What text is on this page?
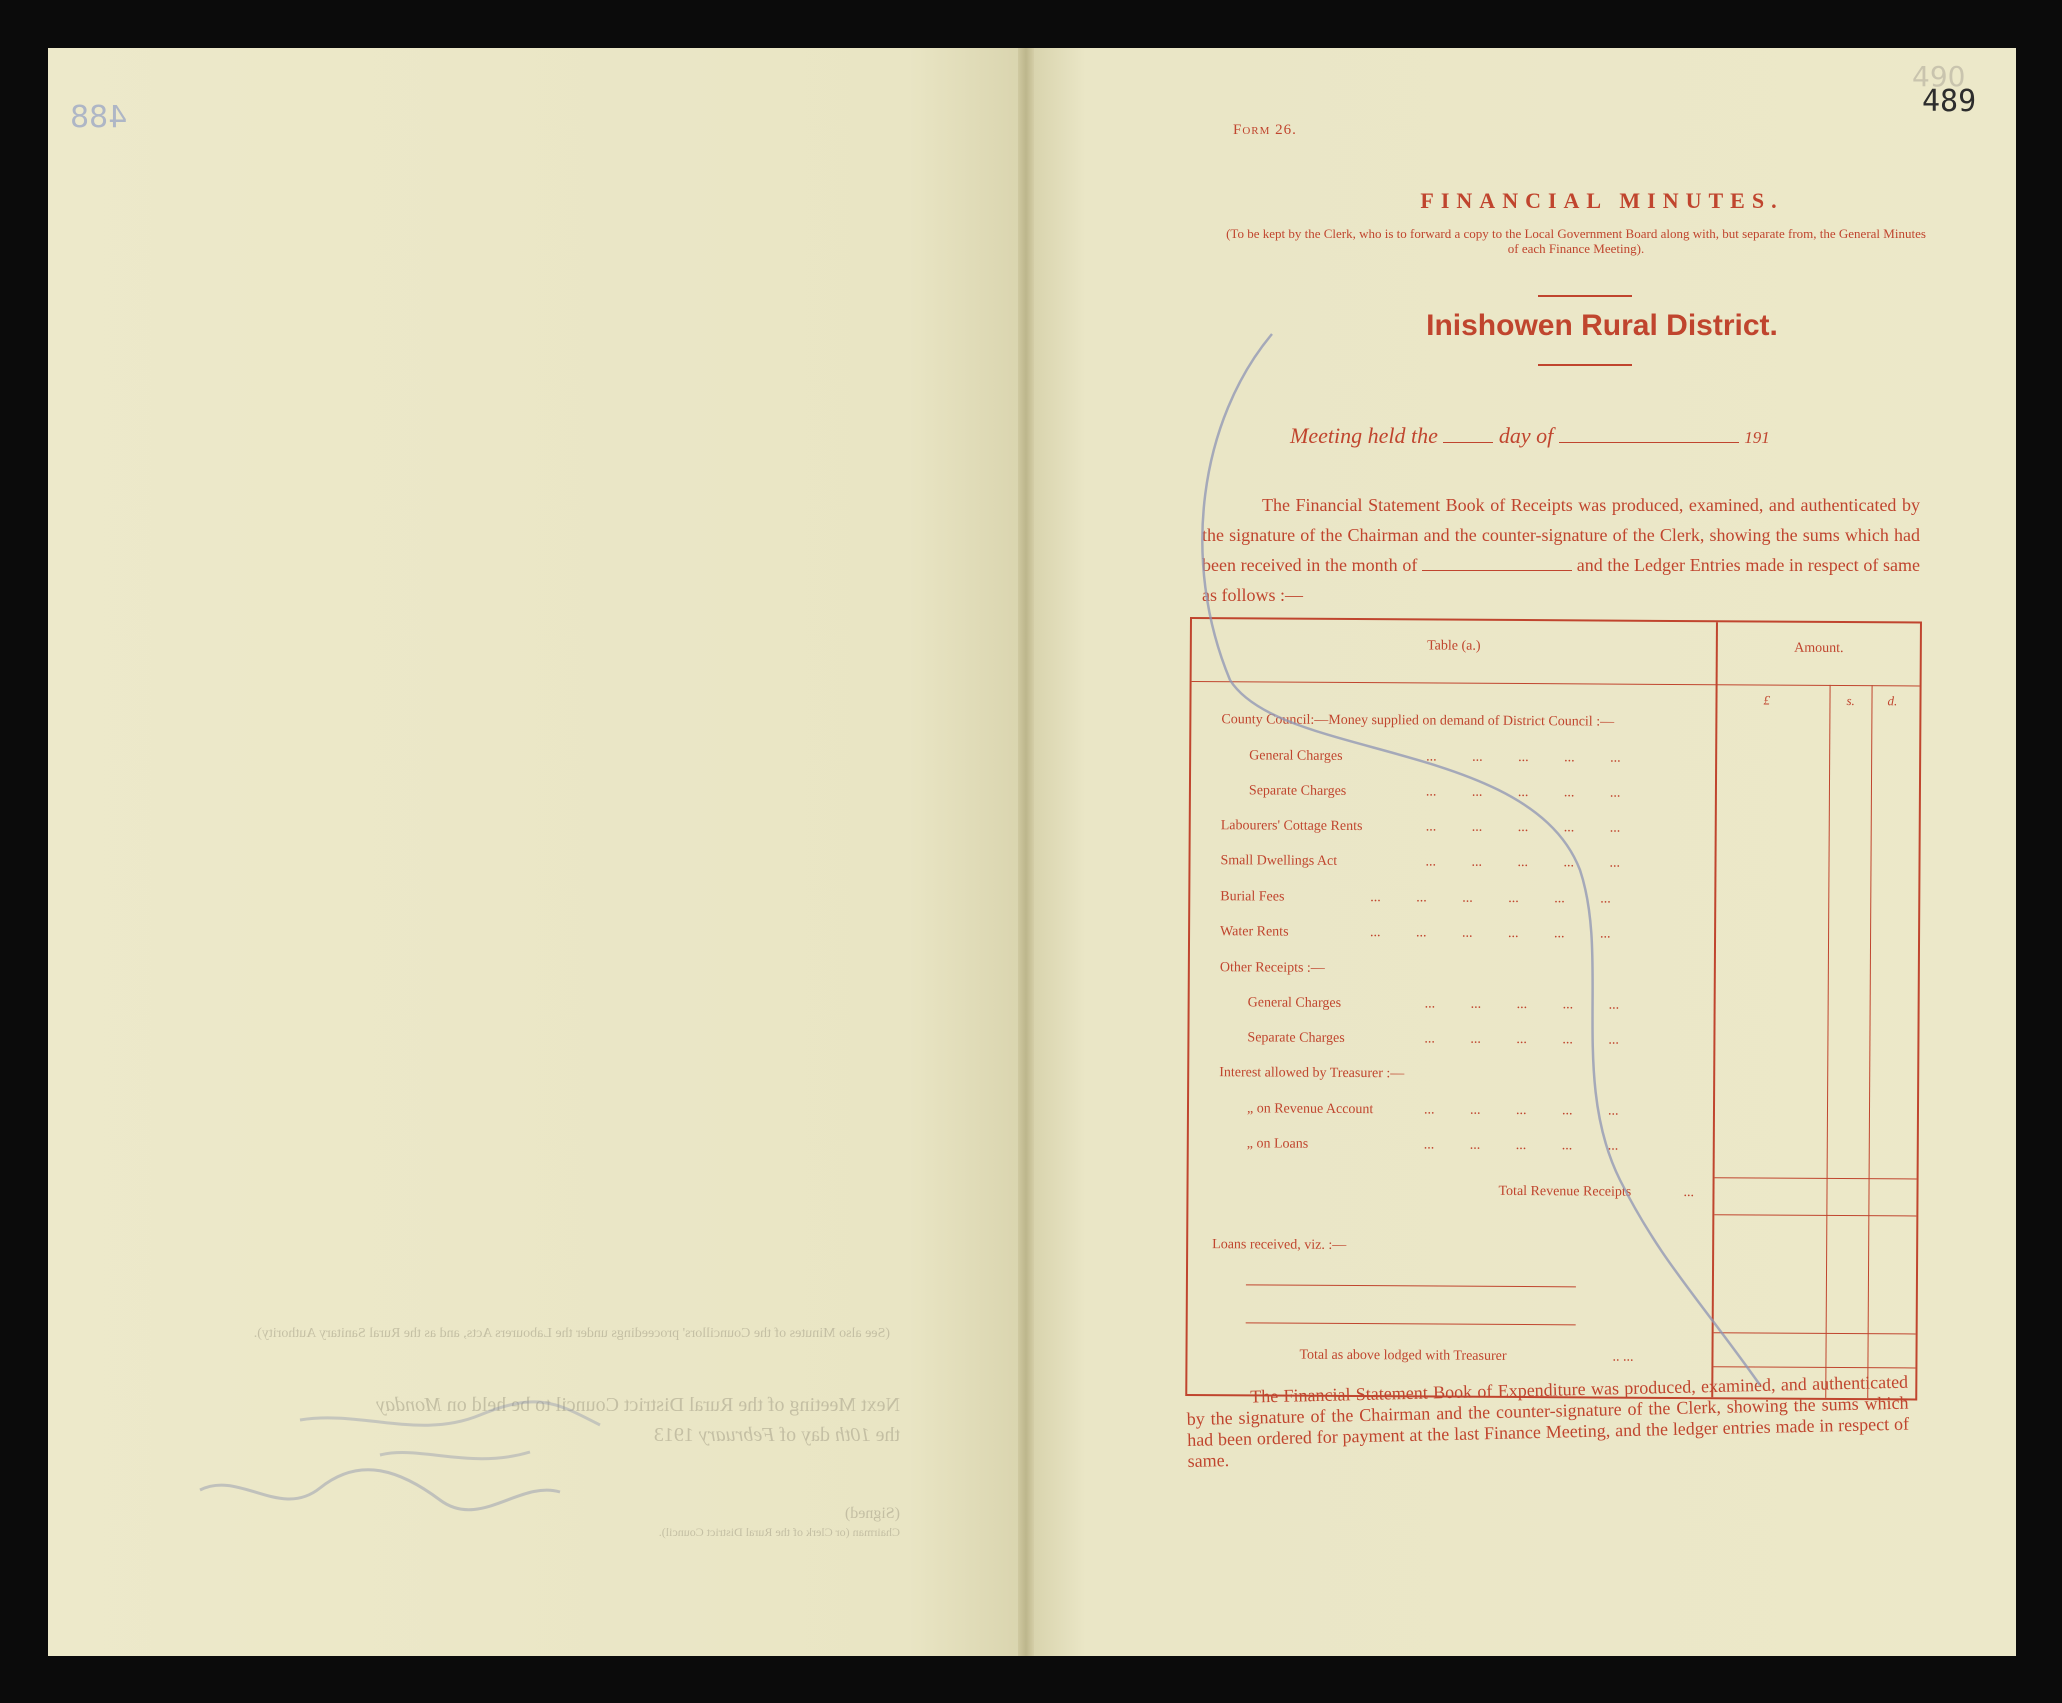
488
(See also Minutes of the Councillors' proceedings under the Labourers Acts, and as the Rural Sanitary Authority).
Next Meeting of the Rural District Council to be held on Monday
the 10th day of February 1913
(Signed)
Chairman (or Clerk of the Rural District Council).
490
489
Form 26.
FINANCIAL MINUTES.
(To be kept by the Clerk, who is to forward a copy to the Local Government Board along with, but separate from, the General Minutes of each Finance Meeting).
Inishowen Rural District.
Meeting held the	day of	191
The Financial Statement Book of Receipts was produced, examined, and authenticated by the signature of the Chairman and the counter-signature of the Clerk, showing the sums which had been received in the month of	and the Ledger Entries made in respect of same as follows :—
Table (a.)	Amount.
£	s.	d.
County Council:—Money supplied on demand of District Council :—
General Charges	... ... ... ... ...
Separate Charges	... ... ... ... ...
Labourers' Cottage Rents	... ... ... ... ...
Small Dwellings Act	... ... ... ... ...
Burial Fees	... ... ... ... ... ...
Water Rents	... ... ... ... ... ...
Other Receipts :—
General Charges	... ... ... ... ...
Separate Charges	... ... ... ... ...
Interest allowed by Treasurer :—
„ on Revenue Account	... ... ... ... ...
„ on Loans	... ... ... ... ...
Total Revenue Receipts	...
Loans received, viz. :—
Total as above lodged with Treasurer	.. ...
The Financial Statement Book of Expenditure was produced, examined, and authenticated by the signature of the Chairman and the counter-signature of the Clerk, showing the sums which had been ordered for payment at the last Finance Meeting, and the ledger entries made in respect of same.
